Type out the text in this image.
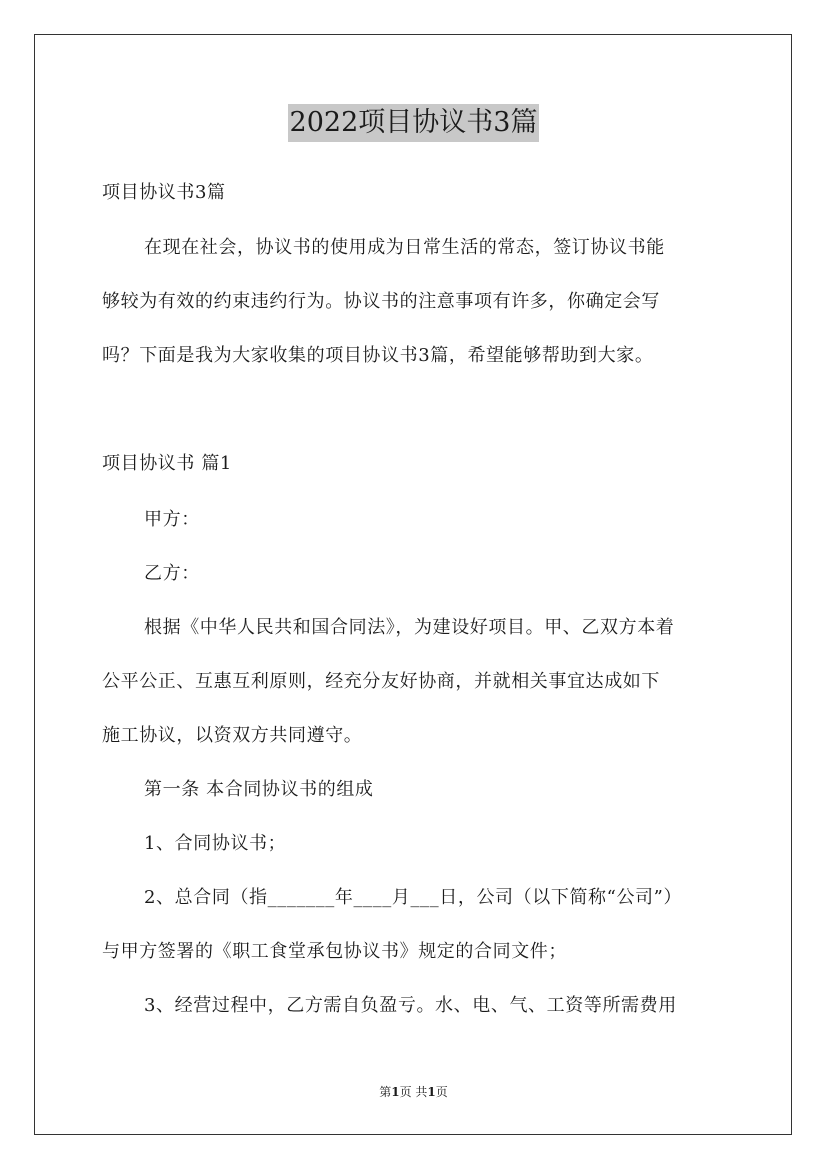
2022项目协议书3篇
项目协议书3篇
在现在社会，协议书的使用成为日常生活的常态，签订协议书能
够较为有效的约束违约行为。协议书的注意事项有许多，你确定会写
吗？下面是我为大家收集的项目协议书3篇，希望能够帮助到大家。
项目协议书 篇1
甲方：
乙方：
根据《中华人民共和国合同法》，为建设好项目。甲、乙双方本着
公平公正、互惠互利原则，经充分友好协商，并就相关事宜达成如下
施工协议，以资双方共同遵守。
第一条 本合同协议书的组成
1、合同协议书；
2、总合同（指_______年____月___日，公司（以下简称“公司”）
与甲方签署的《职工食堂承包协议书》规定的合同文件；
3、经营过程中，乙方需自负盈亏。水、电、气、工资等所需费用
第1页 共1页
